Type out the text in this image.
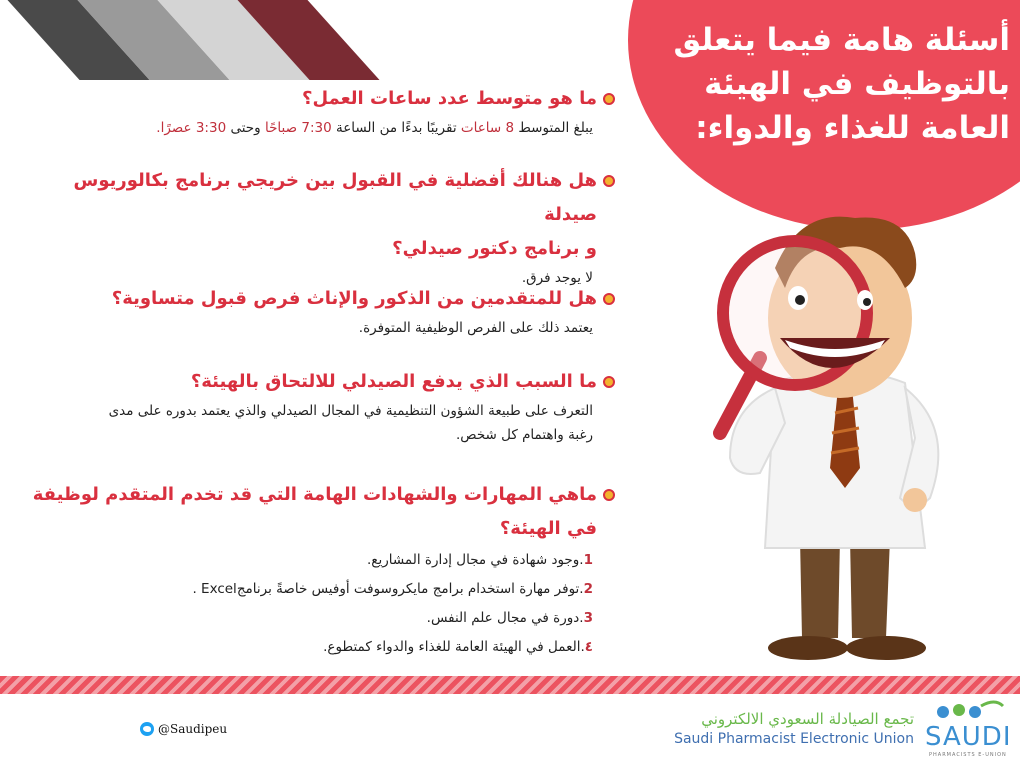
أسئلة هامة فيما يتعلق بالتوظيف في الهيئة العامة للغذاء والدواء:
ما هو متوسط عدد ساعات العمل؟
يبلغ المتوسط 8 ساعات تقريبًا بدءًا من الساعة 7:30 صباحًا وحتى 3:30 عصرًا.
هل هنالك أفضلية في القبول بين خريجي برنامج بكالوريوس صيدلة
و برنامج دكتور صيدلي؟
لا يوجد فرق.
هل للمتقدمين من الذكور والإناث فرص قبول متساوية؟
يعتمد ذلك على الفرص الوظيفية المتوفرة.
ما السبب الذي يدفع الصيدلي للالتحاق بالهيئة؟
التعرف على طبيعة الشؤون التنظيمية في المجال الصيدلي والذي يعتمد بدوره على مدى
رغبة واهتمام كل شخص.
ماهي المهارات والشهادات الهامة التي قد تخدم المتقدم لوظيفة
في الهيئة؟
1.وجود شهادة في مجال إدارة المشاريع.
2.توفر مهارة استخدام برامج مايكروسوفت أوفيس خاصةً برنامجExcel .
3.دورة في مجال علم النفس.
٤.العمل في الهيئة العامة للغذاء والدواء كمتطوع.
@Saudipeu
تجمع الصيادلة السعودي الالكتروني
Saudi Pharmacist Electronic Union SAUDI
PHARMACISTS E-UNION
